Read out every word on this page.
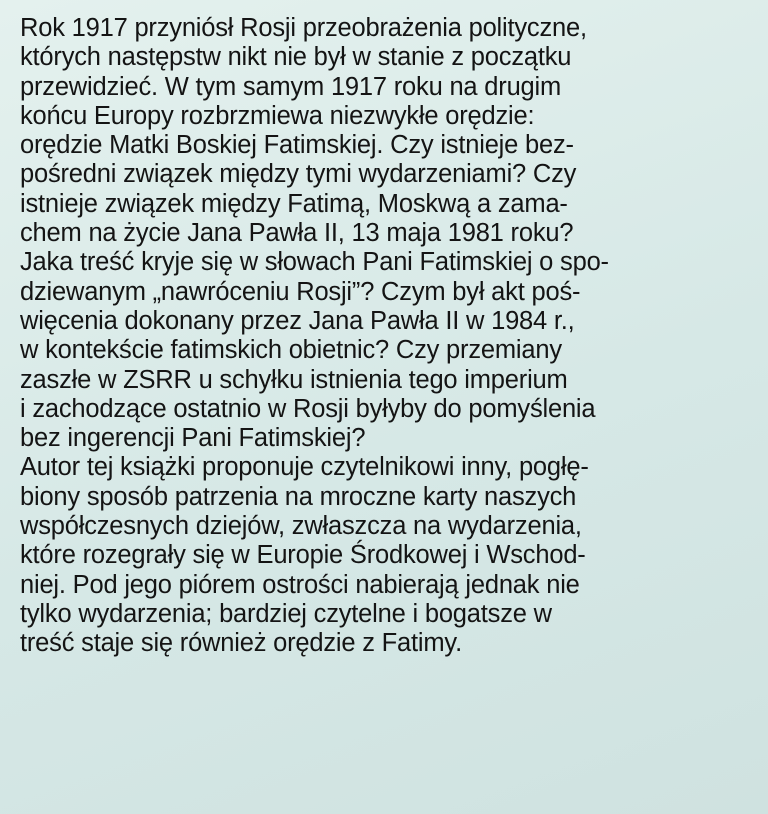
Rok 1917 przyniósł Rosji przeobrażenia polityczne,
których następstw nikt nie był w stanie z początku
przewidzieć. W tym samym 1917 roku na drugim
końcu Europy rozbrzmiewa niezwykłe orędzie:
orędzie Matki Boskiej Fatimskiej. Czy istnieje bez-
pośredni związek między tymi wydarzeniami? Czy
istnieje związek między Fatimą, Moskwą a zama-
chem na życie Jana Pawła II, 13 maja 1981 roku?
Jaka treść kryje się w słowach Pani Fatimskiej o spo-
dziewanym „nawróceniu Rosji”? Czym był akt poś-
więcenia dokonany przez Jana Pawła II w 1984 r.,
w kontekście fatimskich obietnic? Czy przemiany
zaszłe w ZSRR u schyłku istnienia tego imperium
i zachodzące ostatnio w Rosji byłyby do pomyślenia
bez ingerencji Pani Fatimskiej?
Autor tej książki proponuje czytelnikowi inny, pogłę-
biony sposób patrzenia na mroczne karty naszych
współczesnych dziejów, zwłaszcza na wydarzenia,
które rozegrały się w Europie Środkowej i Wschod-
niej. Pod jego piórem ostrości nabierają jednak nie
tylko wydarzenia; bardziej czytelne i bogatsze w
treść staje się również orędzie z Fatimy.
